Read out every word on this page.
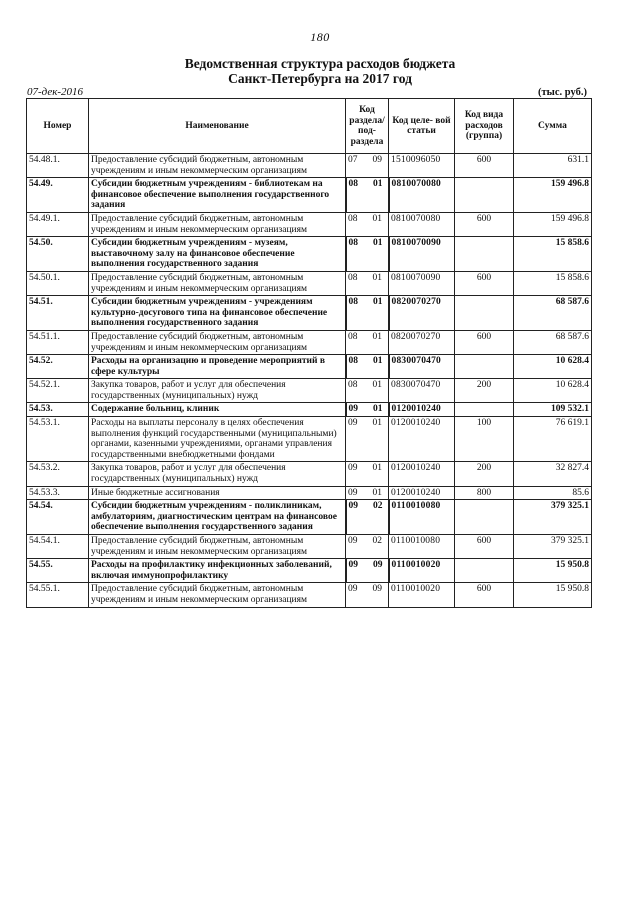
180
Ведомственная структура расходов бюджета
Санкт-Петербурга на 2017 год
07-дек-2016	(тыс. руб.)
Номер	Наименование	Код раздела/ под- раздела	Код целе- вой статьи	Код вида расходов (группа)	Сумма
54.48.1.	Предоставление субсидий бюджетным, автономным учреждениям и иным некоммерческим организациям	07 09	1510096050	600	631.1
54.49.	Субсидии бюджетным учреждениям - библиотекам на финансовое обеспечение выполнения государственного задания	08 01	0810070080		159 496.8
54.49.1.	Предоставление субсидий бюджетным, автономным учреждениям и иным некоммерческим организациям	08 01	0810070080	600	159 496.8
54.50.	Субсидии бюджетным учреждениям - музеям, выставочному залу на финансовое обеспечение выполнения государственного задания	08 01	0810070090		15 858.6
54.50.1.	Предоставление субсидий бюджетным, автономным учреждениям и иным некоммерческим организациям	08 01	0810070090	600	15 858.6
54.51.	Субсидии бюджетным учреждениям - учреждениям культурно-досугового типа на финансовое обеспечение выполнения государственного задания	08 01	0820070270		68 587.6
54.51.1.	Предоставление субсидий бюджетным, автономным учреждениям и иным некоммерческим организациям	08 01	0820070270	600	68 587.6
54.52.	Расходы на организацию и проведение мероприятий в сфере культуры	08 01	0830070470		10 628.4
54.52.1.	Закупка товаров, работ и услуг для обеспечения государственных (муниципальных) нужд	08 01	0830070470	200	10 628.4
54.53.	Содержание больниц, клиник	09 01	0120010240		109 532.1
54.53.1.	Расходы на выплаты персоналу в целях обеспечения выполнения функций государственными (муниципальными) органами, казенными учреждениями, органами управления государственными внебюджетными фондами	09 01	0120010240	100	76 619.1
54.53.2.	Закупка товаров, работ и услуг для обеспечения государственных (муниципальных) нужд	09 01	0120010240	200	32 827.4
54.53.3.	Иные бюджетные ассигнования	09 01	0120010240	800	85.6
54.54.	Субсидии бюджетным учреждениям - поликлиникам, амбулаториям, диагностическим центрам на финансовое обеспечение выполнения государственного задания	09 02	0110010080		379 325.1
54.54.1.	Предоставление субсидий бюджетным, автономным учреждениям и иным некоммерческим организациям	09 02	0110010080	600	379 325.1
54.55.	Расходы на профилактику инфекционных заболеваний, включая иммунопрофилактику	09 09	0110010020		15 950.8
54.55.1.	Предоставление субсидий бюджетным, автономным учреждениям и иным некоммерческим организациям	09 09	0110010020	600	15 950.8
